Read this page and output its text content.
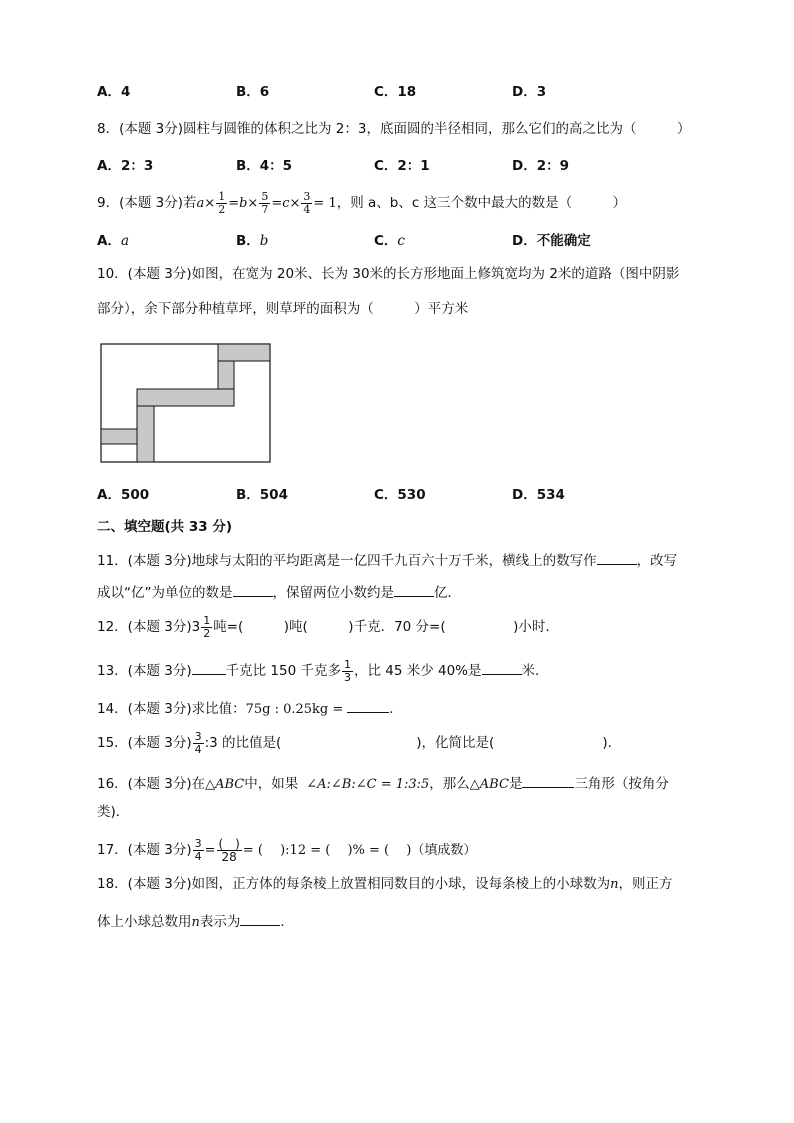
A．4	B．6	C．18	D．3
8．(本题 3分)圆柱与圆锥的体积之比为 2：3，底面圆的半径相同，那么它们的高之比为（　　　）
A．2：3	B．4：5	C．2：1	D．2：9
9．(本题 3分)若$a\times \frac{1}{2} =b\times \frac{5}{7} =c\times \frac{3}{4} = 1$，则 a、b、c 这三个数中最大的数是（　　　）
A．a	B．b	C．c	D．不能确定
10．(本题 3分)如图，在宽为 20米、长为 30米的长方形地面上修筑宽均为 2米的道路（图中阴影
部分），余下部分种植草坪，则草坪的面积为（　　　）平方米
A．500	B．504	C．530	D．534
二、填空题(共 33 分)
11．(本题 3分)地球与太阳的平均距离是一亿四千九百六十万千米，横线上的数写作	，改写
成以“亿”为单位的数是	，保留两位小数约是	亿．
12．(本题 3分)$3 \frac{1}{2}$ 吨=(　　　)吨(　　　)千克．70 分=(　　　　　)小时．
13．(本题 3分)	千克比 150 千克多 $\frac{1}{3}$ ，比 45 米少 40%是	米．
14．(本题 3分)求比值：75g : 0.25kg =	．
15．(本题 3分) $\frac{3}{4}$ :3 的比值是(　　　　　　　　　　)，化简比是(　　　　　　　　)．
16．(本题 3分)在△ABC中，如果 ∠A:∠B:∠C = 1:3:5，那么△ABC是	三角形（按角分
类)．
17．(本题 3分) $\frac{3}{4} = \frac{( )}{28}$ = (　 ):12 = (　 )% = (　 )（填成数）
18．(本题 3分)如图，正方体的每条棱上放置相同数目的小球，设每条棱上的小球数为n，则正方
体上小球总数用n表示为	．
